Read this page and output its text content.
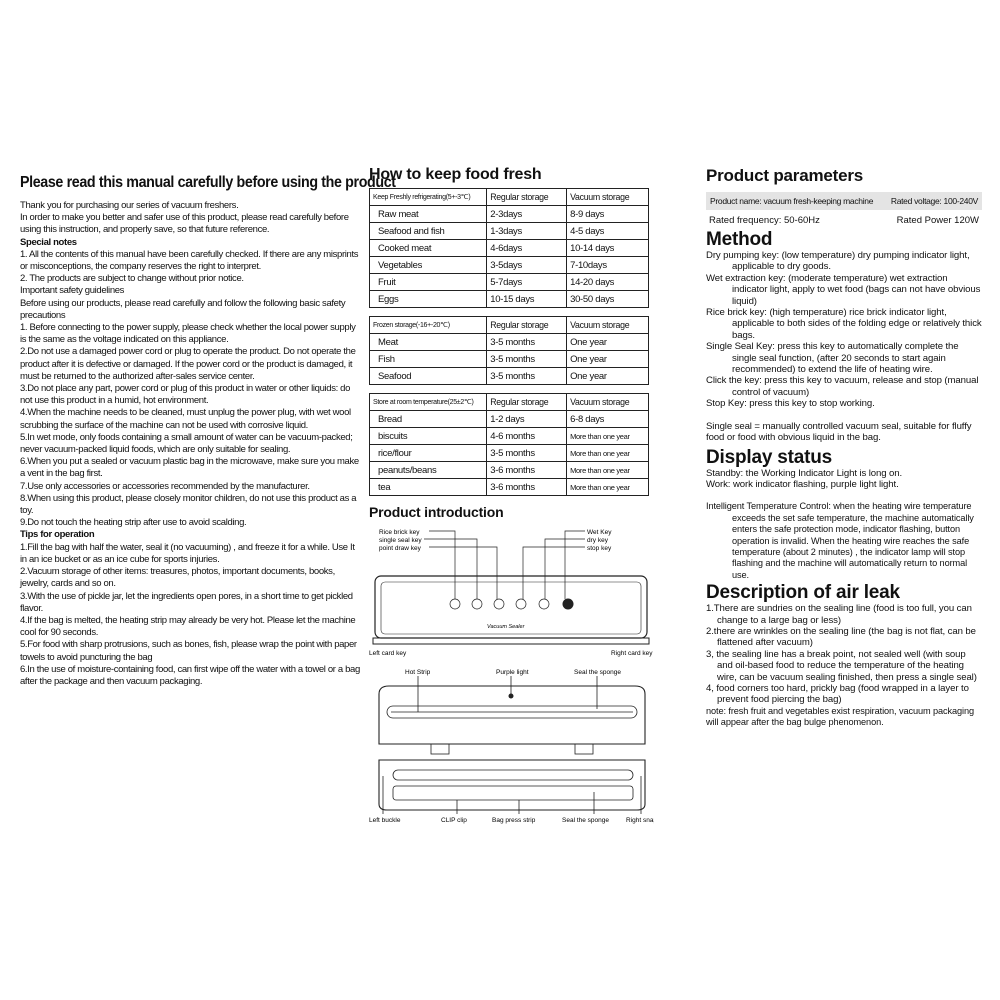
Please read this manual carefully before using the product

Thank you for purchasing our series of vacuum freshers.

In order to make you better and safer use of this product, please read carefully before using this instruction, and properly save, so that future reference.

Special notes

1. All the contents of this manual have been carefully checked. If there are any misprints or misconceptions, the company reserves the right to interpret.

2. The products are subject to change without prior notice.

Important safety guidelines

Before using our products, please read carefully and follow the following basic safety precautions

1. Before connecting to the power supply, please check whether the local power supply is the same as the voltage indicated on this appliance.

2.Do not use a damaged power cord or plug to operate the product. Do not operate the product after it is defective or damaged. If the power cord or the product is damaged, it must be returned to the authorized after-sales service center.

3.Do not place any part, power cord or plug of this product in water or other liquids: do not use this product in a humid, hot environment.

4.When the machine needs to be cleaned, must unplug the power plug, with wet wool scrubbing the surface of the machine can not be used with corrosive liquid.

5.In wet mode, only foods containing a small amount of water can be vacuum-packed; never vacuum-packed liquid foods, which are only suitable for sealing.

6.When you put a sealed or vacuum plastic bag in the microwave, make sure you make a vent in the bag first.

7.Use only accessories or accessories recommended by the manufacturer.

8.When using this product, please closely monitor children, do not use this product as a toy.

9.Do not touch the heating strip after use to avoid scalding.

Tips for operation

1.Fill the bag with half the water, seal it (no vacuuming) , and freeze it for a while. Use It in an ice bucket or as an ice cube for sports injuries.

2.Vacuum storage of other items: treasures, photos, important documents, books, jewelry, cards and so on.

3.With the use of pickle jar, let the ingredients open pores, in a short time to get pickled flavor.

4.If the bag is melted, the heating strip may already be very hot. Please let the machine cool for 90 seconds.

5.For food with sharp protrusions, such as bones, fish, please wrap the point with paper towels to avoid puncturing the bag

6.In the use of moisture-containing food, can first wipe off the water with a towel or a bag after the package and then vacuum packaging.

How to keep food fresh
Keep Freshly refrigerating(5+-3℃)	Regular storage	Vacuum storage
Raw meat	2-3days	8-9 days
Seafood and fish	1-3days	4-5 days
Cooked meat	4-6days	10-14 days
Vegetables	3-5days	7-10days
Fruit	5-7days	14-20 days
Eggs	10-15 days	30-50 days
Frozen storage(-16+-20℃)	Regular storage	Vacuum storage
Meat	3-5 months	One year
Fish	3-5 months	One year
Seafood	3-5 months	One year
Store at room temperature(25±2℃)	Regular storage	Vacuum storage
Bread	1-2 days	6-8 days
biscuits	4-6 months	More than one year
rice/flour	3-5 months	More than one year
peanuts/beans	3-6 months	More than one year
tea	3-6 months	More than one year
Product introduction
Rice brick key
single seal key
point draw key
Wet Key
dry key
stop key
Vacuum Sealer
Left card key	Right card key

Hot Strip	Purple light	Seal the sponge
Left buckle	CLIP clip	Bag press strip	Seal the sponge	Right snap
Product parameters
Product name: vacuum fresh-keeping machine Rated voltage: 100-240V
Rated frequency: 50-60Hz	Rated Power 120W
Method

Dry pumping key: (low temperature) dry pumping indicator light, applicable to dry goods.

Wet extraction key: (moderate temperature) wet extraction indicator light, apply to wet food (bags can not have obvious liquid)

Rice brick key: (high temperature) rice brick indicator light, applicable to both sides of the folding edge or relatively thick bags.

Single Seal Key: press this key to automatically complete the single seal function, (after 20 seconds to start again recommended) to extend the life of heating wire.

Click the key: press this key to vacuum, release and stop (manual control of vacuum)

Stop Key: press this key to stop working.

Single seal = manually controlled vacuum seal, suitable for fluffy food or food with obvious liquid in the bag.

Display status

Standby: the Working Indicator Light is long on.

Work: work indicator flashing, purple light light.

Intelligent Temperature Control: when the heating wire temperature exceeds the set safe temperature, the machine automatically enters the safe protection mode, indicator flashing, button operation is invalid. When the heating wire reaches the safe temperature (about 2 minutes) , the indicator lamp will stop flashing and the machine will automatically return to normal use.

Description of air leak

1.There are sundries on the sealing line (food is too full, you can change to a large bag or less)

2.there are wrinkles on the sealing line (the bag is not flat, can be flattened after vacuum)

3, the sealing line has a break point, not sealed well (with soup and oil-based food to reduce the temperature of the heating wire, can be vacuum sealing finished, then press a single seal)

4, food corners too hard, prickly bag (food wrapped in a layer to prevent food piercing the bag)

note: fresh fruit and vegetables exist respiration, vacuum packaging will appear after the bag bulge phenomenon.
